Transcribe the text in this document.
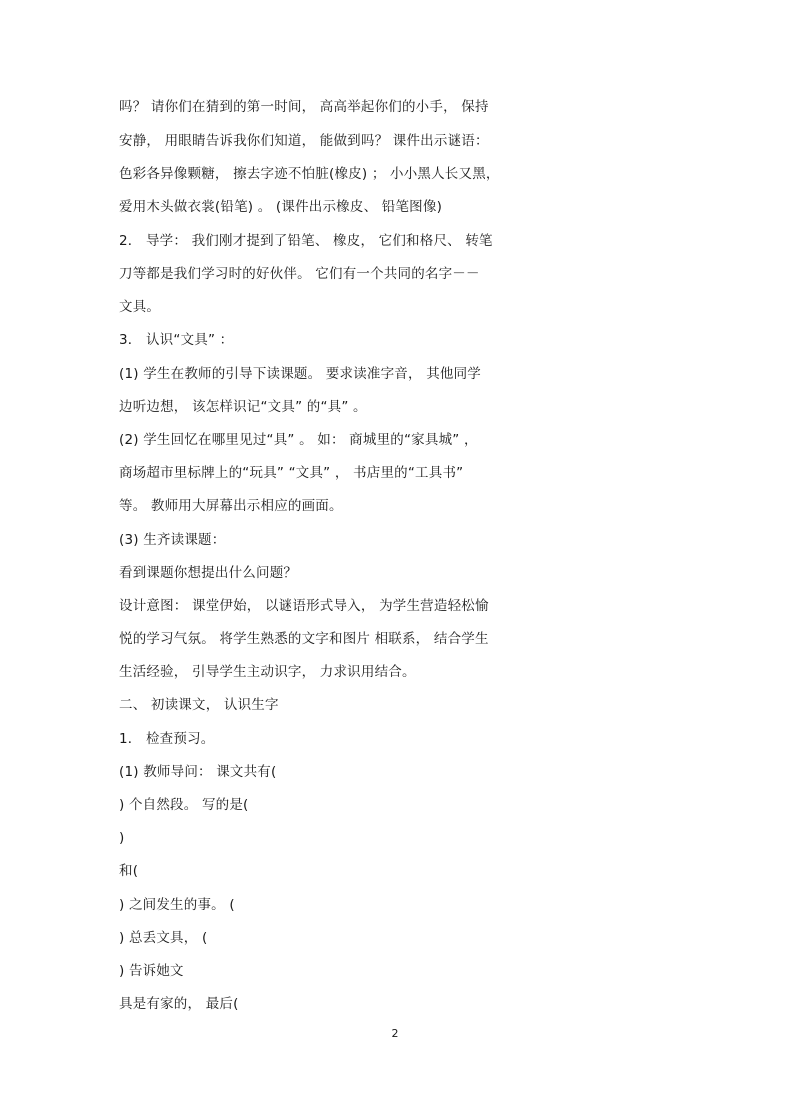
吗？ 请你们在猜到的第一时间， 高高举起你们的小手， 保持
安静， 用眼睛告诉我你们知道， 能做到吗？ 课件出示谜语：
色彩各异像颗糖， 擦去字迹不怕脏(橡皮) ； 小小黑人长又黑，
爱用木头做衣裳(铅笔) 。 (课件出示橡皮、 铅笔图像)
2． 导学： 我们刚才提到了铅笔、 橡皮， 它们和格尺、 转笔
刀等都是我们学习时的好伙伴。 它们有一个共同的名字－－
文具。
3． 认识“文具” ：
(1) 学生在教师的引导下读课题。 要求读准字音， 其他同学
边听边想， 该怎样识记“文具” 的“具” 。
(2) 学生回忆在哪里见过“具” 。 如： 商城里的“家具城” ，
商场超市里标牌上的“玩具” “文具” ， 书店里的“工具书”
等。 教师用大屏幕出示相应的画面。
(3) 生齐读课题：
看到课题你想提出什么问题？
设计意图： 课堂伊始， 以谜语形式导入， 为学生营造轻松愉
悦的学习气氛。 将学生熟悉的文字和图片 相联系， 结合学生
生活经验， 引导学生主动识字， 力求识用结合。
二、 初读课文， 认识生字
1． 检查预习。
(1) 教师导问： 课文共有(
) 个自然段。 写的是(
)
和(
) 之间发生的事。 (
) 总丢文具， (
) 告诉她文
具是有家的， 最后(
2
